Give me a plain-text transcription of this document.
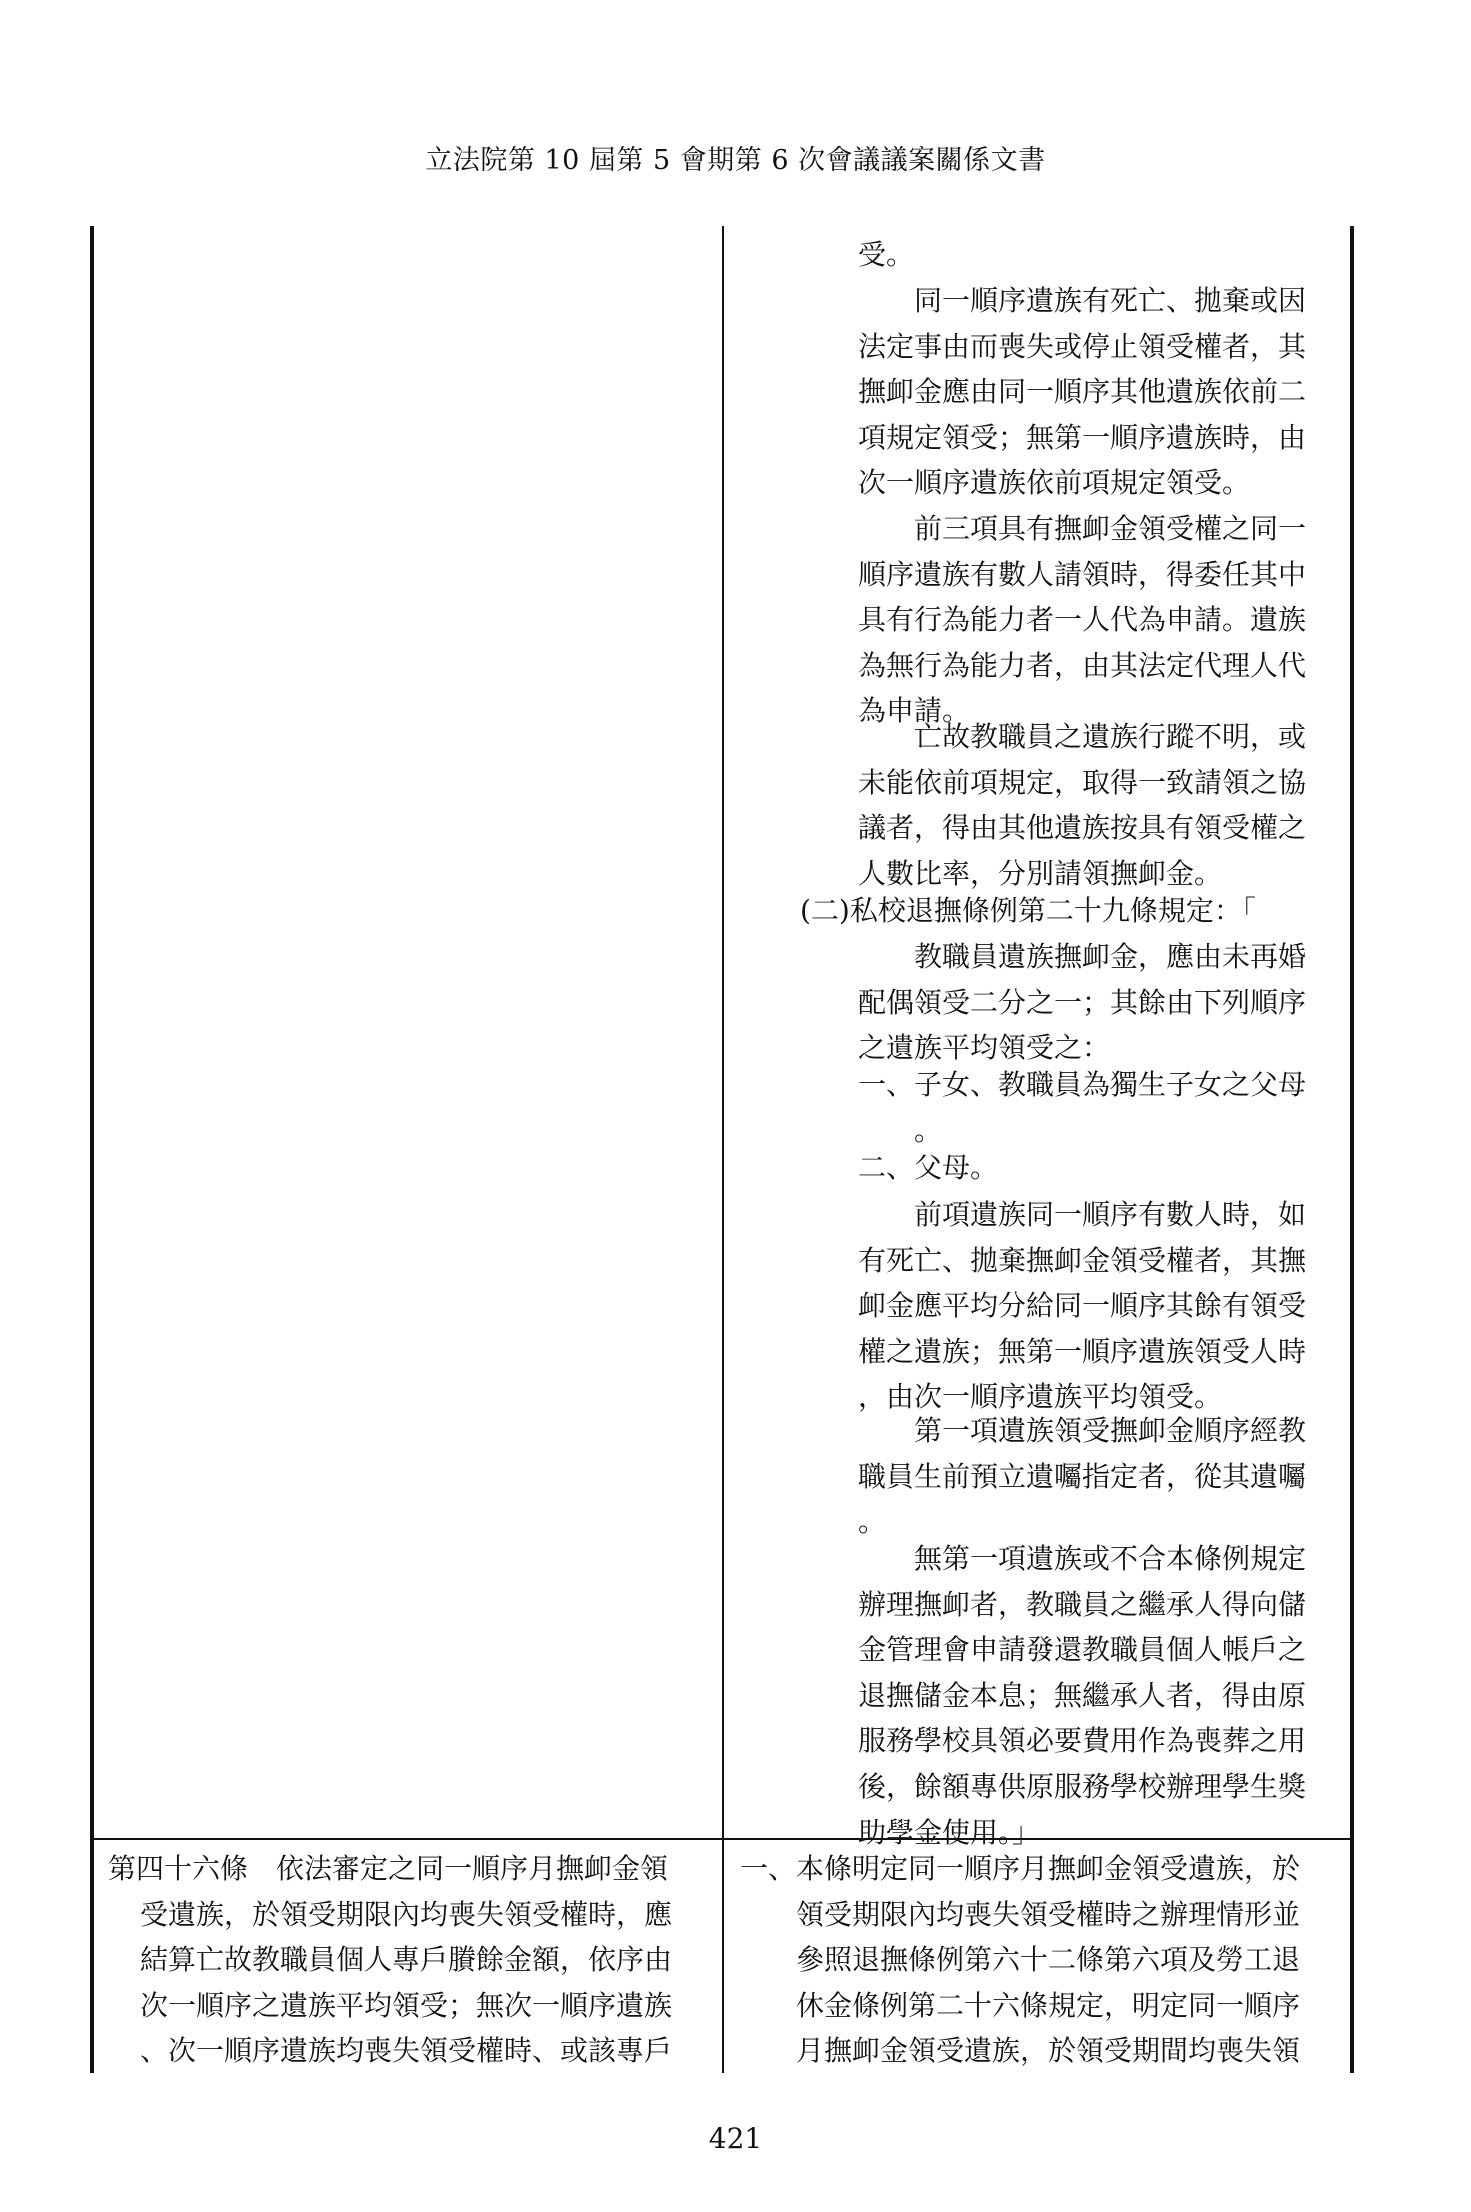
立法院第 10 屆第 5 會期第 6 次會議議案關係文書
受。
同一順序遺族有死亡、拋棄或因
法定事由而喪失或停止領受權者，其
撫卹金應由同一順序其他遺族依前二
項規定領受；無第一順序遺族時，由
次一順序遺族依前項規定領受。
前三項具有撫卹金領受權之同一
順序遺族有數人請領時，得委任其中
具有行為能力者一人代為申請。遺族
為無行為能力者，由其法定代理人代
為申請。
亡故教職員之遺族行蹤不明，或
未能依前項規定，取得一致請領之協
議者，得由其他遺族按具有領受權之
人數比率，分別請領撫卹金。
(二)私校退撫條例第二十九條規定：「
教職員遺族撫卹金，應由未再婚
配偶領受二分之一；其餘由下列順序
之遺族平均領受之：
一、子女、教職員為獨生子女之父母
　。
二、父母。
前項遺族同一順序有數人時，如
有死亡、拋棄撫卹金領受權者，其撫
卹金應平均分給同一順序其餘有領受
權之遺族；無第一順序遺族領受人時
，由次一順序遺族平均領受。
第一項遺族領受撫卹金順序經教
職員生前預立遺囑指定者，從其遺囑
。
無第一項遺族或不合本條例規定
辦理撫卹者，教職員之繼承人得向儲
金管理會申請發還教職員個人帳戶之
退撫儲金本息；無繼承人者，得由原
服務學校具領必要費用作為喪葬之用
後，餘額專供原服務學校辦理學生獎
助學金使用。」
第四十六條　依法審定之同一順序月撫卹金領
受遺族，於領受期限內均喪失領受權時，應
結算亡故教職員個人專戶賸餘金額，依序由
次一順序之遺族平均領受；無次一順序遺族
、次一順序遺族均喪失領受權時、或該專戶
一、本條明定同一順序月撫卹金領受遺族，於
領受期限內均喪失領受權時之辦理情形並
參照退撫條例第六十二條第六項及勞工退
休金條例第二十六條規定，明定同一順序
月撫卹金領受遺族，於領受期間均喪失領
421
